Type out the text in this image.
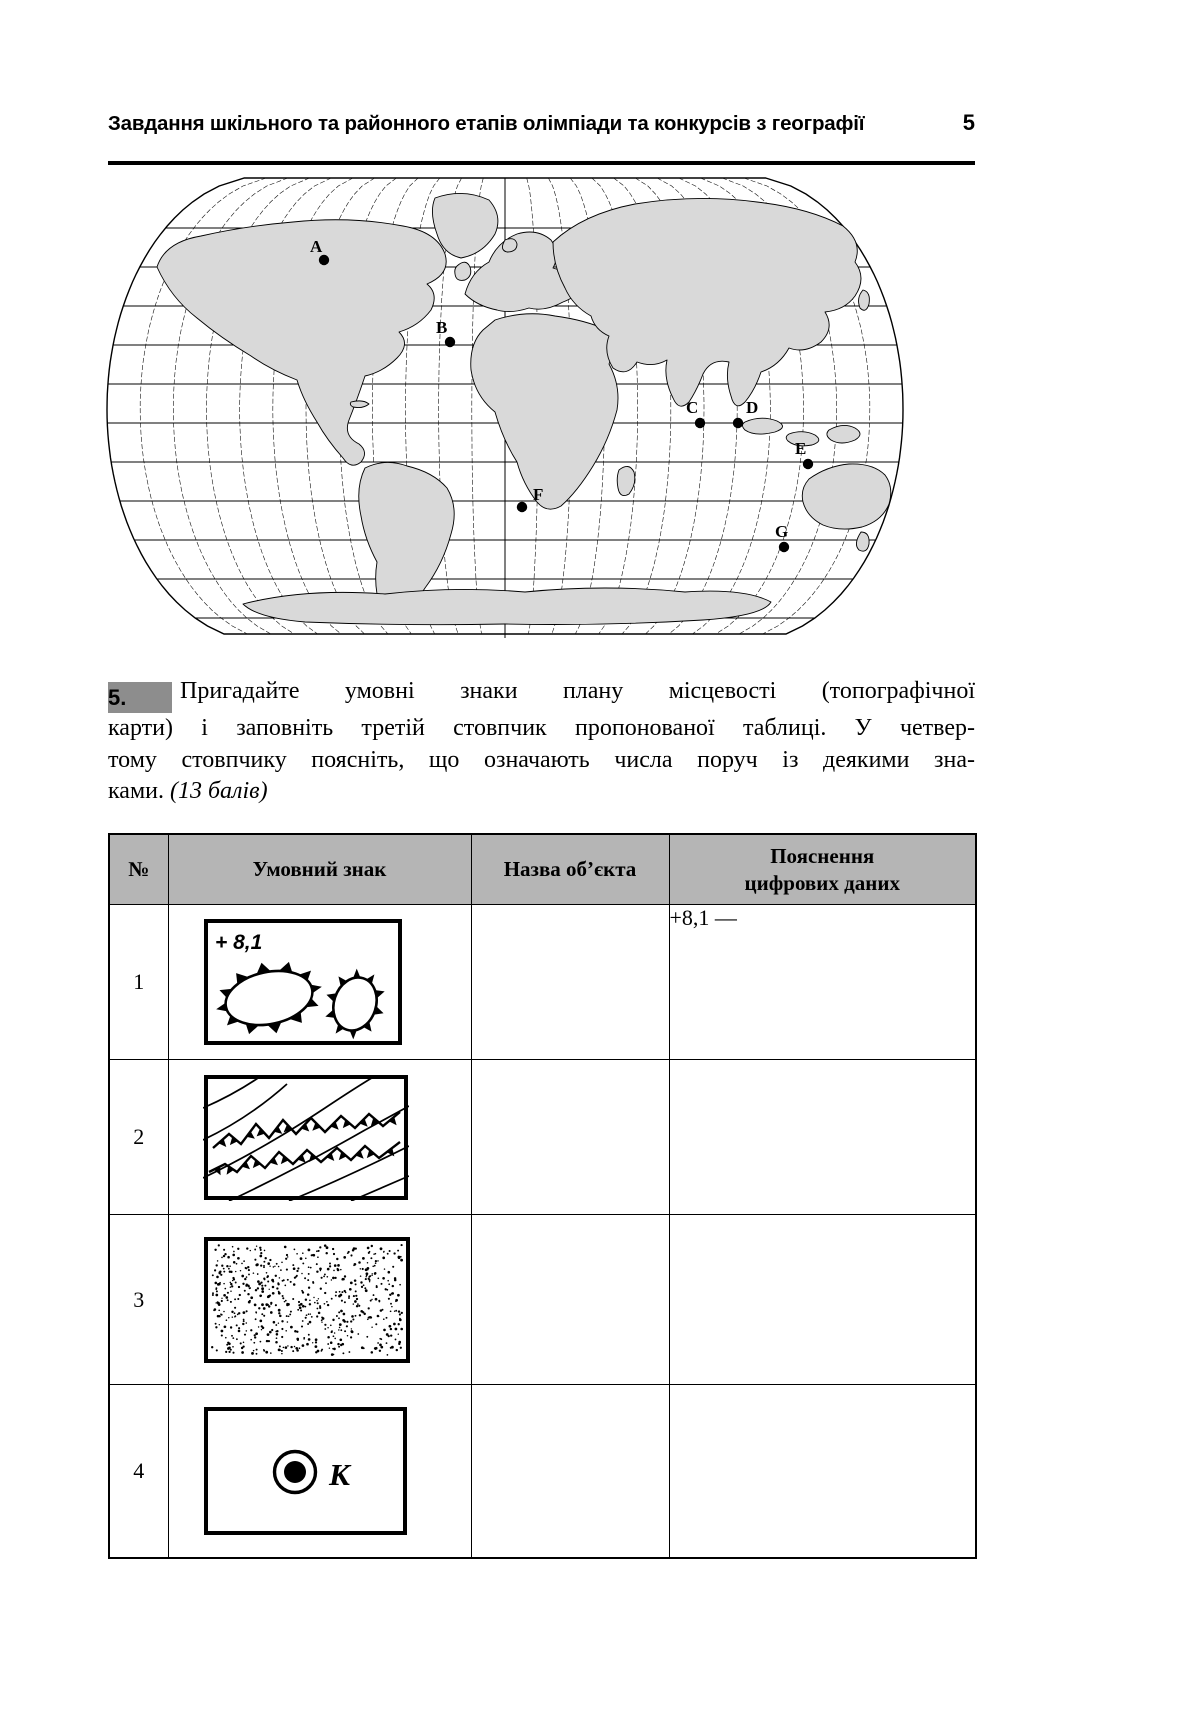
Завдання шкільного та районного етапів олімпіади та конкурсів з географії	5
A
B
C	D
E
F
G
5. Пригадайте умовні знаки плану місцевості (топографічної
карти) і заповніть третій стовпчик пропонованої таблиці. У четвер-
тому стовпчику поясніть, що означають числа поруч із деякими зна-
ками. (13 балів)
№	Умовний знак	Назва об’єкта	Пояснення цифрових даних

1	+ 8,1		+8,1 —
2	

3	

4	К		
